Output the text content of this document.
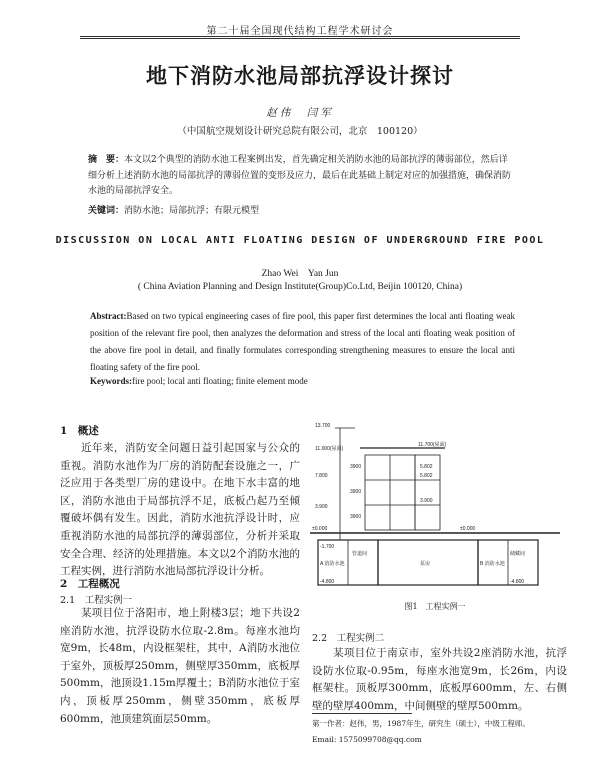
第二十届全国现代结构工程学术研讨会
地下消防水池局部抗浮设计探讨
赵伟　闫军
（中国航空规划设计研究总院有限公司，北京　100120）
摘　要：本文以2个典型的消防水池工程案例出发，首先确定相关消防水池的局部抗浮的薄弱部位，然后详细分析上述消防水池的局部抗浮的薄弱位置的变形及应力，最后在此基础上制定对应的加强措施，确保消防水池的局部抗浮安全。
关键词：消防水池；局部抗浮；有限元模型
DISCUSSION ON LOCAL ANTI FLOATING DESIGN OF UNDERGROUND FIRE POOL
Zhao Wei　Yan Jun
( China Aviation Planning and Design Institute(Group)Co.Ltd, Beijin 100120, China)
Abstract:Based on two typical engineering cases of fire pool, this paper first determines the local anti floating weak position of the relevant fire pool, then analyzes the deformation and stress of the local anti floating weak position of the above fire pool in detail, and finally formulates corresponding strengthening measures to ensure the local anti floating safety of the fire pool.
Keywords:fire pool; local anti floating; finite element mode
1　概述
近年来，消防安全问题日益引起国家与公众的重视。消防水池作为厂房的消防配套设施之一，广泛应用于各类型厂房的建设中。在地下水丰富的地区，消防水池由于局部抗浮不足，底板凸起乃至倾覆破坏偶有发生。因此，消防水池抗浮设计时，应重视消防水池的局部抗浮的薄弱部位，分析并采取安全合理、经济的处理措施。本文以2个消防水池的工程实例，进行消防水池局部抗浮设计分析。
2　工程概况
2.1　工程实例一
某项目位于洛阳市，地上附楼3层；地下共设2座消防水池，抗浮设防水位取-2.8m。每座水池均宽9m，长48m，内设框架柱，其中，A消防水池位于室外，顶板厚250mm，侧壁厚350mm，底板厚500mm，池顶设1.15m厚覆土；B消防水池位于室内，顶板厚250mm，侧壁350mm，底板厚600mm，池顶建筑面层50mm。
13.700
11.700(屋面)
11.000(屋面)
7.800
3.900
±0.000	±0.000
3900
3900
3900
3.900
5.802
5.802
-1.700
-4.800	-4.800
A 消防水池	B 消防水池
管道间
泵房
储藏间
图1　工程实例一
2.2　工程实例二
某项目位于南京市，室外共设2座消防水池，抗浮设防水位取-0.95m，每座水池宽9m，长26m，内设框架柱。顶板厚300mm，底板厚600mm，左、右侧壁的壁厚400mm，中间侧壁的壁厚500mm。
第一作者：赵伟，男，1987年生，研究生（硕士），中级工程师。
Email: 1575099708@qq.com
